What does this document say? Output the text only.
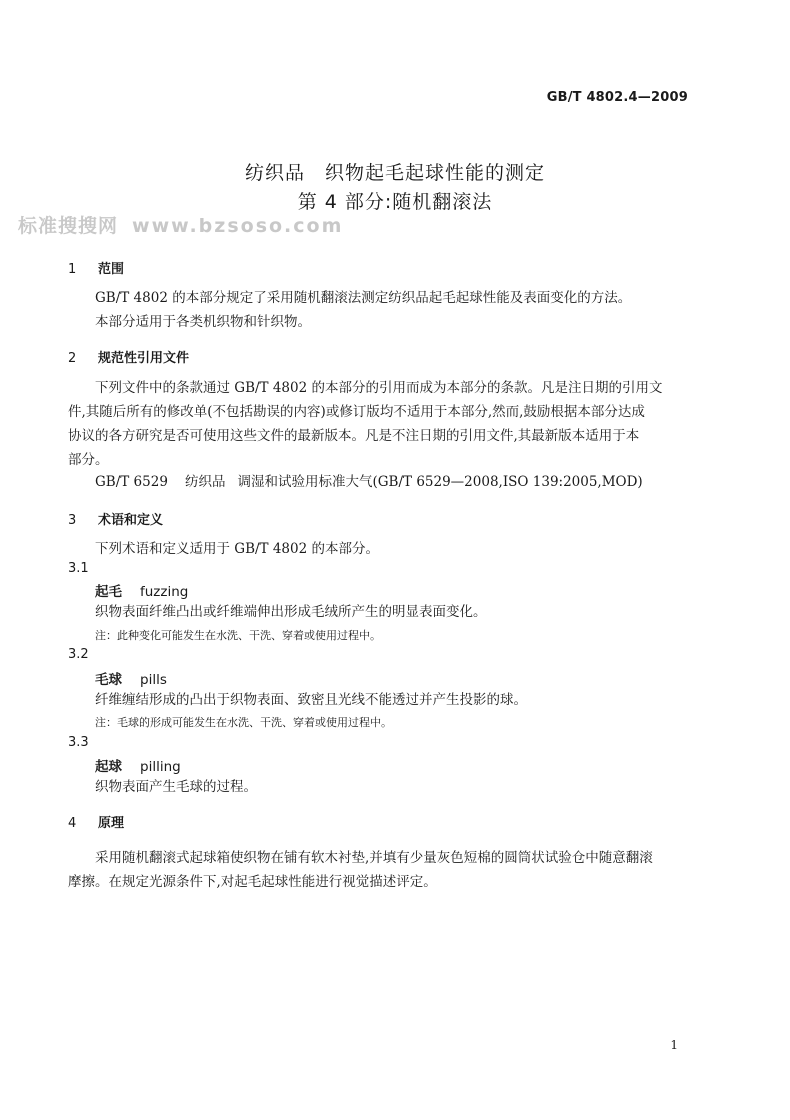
GB/T 4802.4—2009
纺织品　织物起毛起球性能的测定
第 4 部分:随机翻滚法
标准搜搜网 www.bzsoso.com
1 范围
GB/T 4802 的本部分规定了采用随机翻滚法测定纺织品起毛起球性能及表面变化的方法。
本部分适用于各类机织物和针织物。
2 规范性引用文件
下列文件中的条款通过 GB/T 4802 的本部分的引用而成为本部分的条款。凡是注日期的引用文
件,其随后所有的修改单(不包括勘误的内容)或修订版均不适用于本部分,然而,鼓励根据本部分达成
协议的各方研究是否可使用这些文件的最新版本。凡是不注日期的引用文件,其最新版本适用于本
部分。
GB/T 6529 纺织品 调湿和试验用标准大气(GB/T 6529—2008,ISO 139:2005,MOD)
3 术语和定义
下列术语和定义适用于 GB/T 4802 的本部分。
3.1
起毛 fuzzing
织物表面纤维凸出或纤维端伸出形成毛绒所产生的明显表面变化。
注：此种变化可能发生在水洗、干洗、穿着或使用过程中。
3.2
毛球 pills
纤维缠结形成的凸出于织物表面、致密且光线不能透过并产生投影的球。
注：毛球的形成可能发生在水洗、干洗、穿着或使用过程中。
3.3
起球 pilling
织物表面产生毛球的过程。
4 原理
采用随机翻滚式起球箱使织物在铺有软木衬垫,并填有少量灰色短棉的圆筒状试验仓中随意翻滚
摩擦。在规定光源条件下,对起毛起球性能进行视觉描述评定。
1
